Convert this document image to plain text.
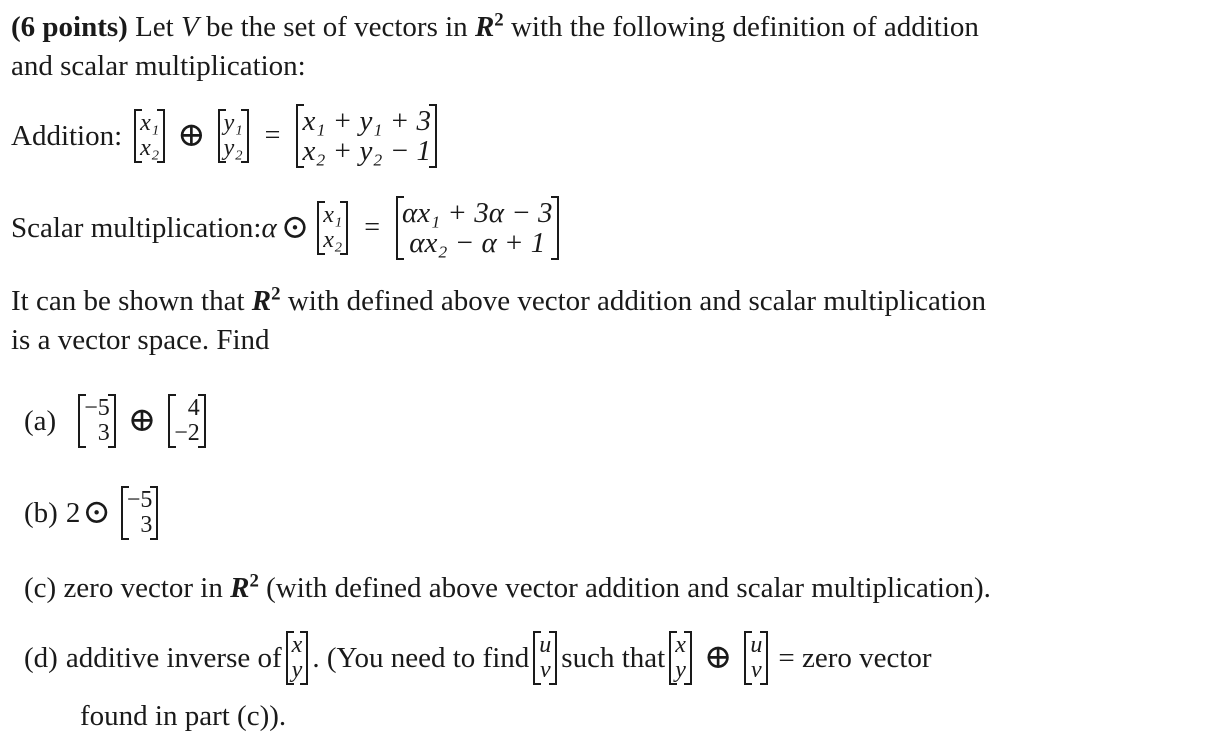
(6 points) Let V be the set of vectors in $R^2$ with the following definition of addition
and scalar multiplication:
Addition: x₁
x₂ ⊕ y₁
y₂ = x₁ + y₁ + 3
x₂ + y₂ − 1
Scalar multiplication: α ⊙ x₁
x₂ = αx₁ + 3α − 3
αx₂ − α + 1
It can be shown that $R^2$ with defined above vector addition and scalar multiplication
is a vector space. Find
(a) −5
3 ⊕	4
−2
(b) 2 ⊙ −5
3
(c) zero vector in $R^2$ (with defined above vector addition and scalar multiplication).
(d) additive inverse of x
y . (You need to find u
v such that x
y ⊕ u
v = zero vector
found in part (c)).
